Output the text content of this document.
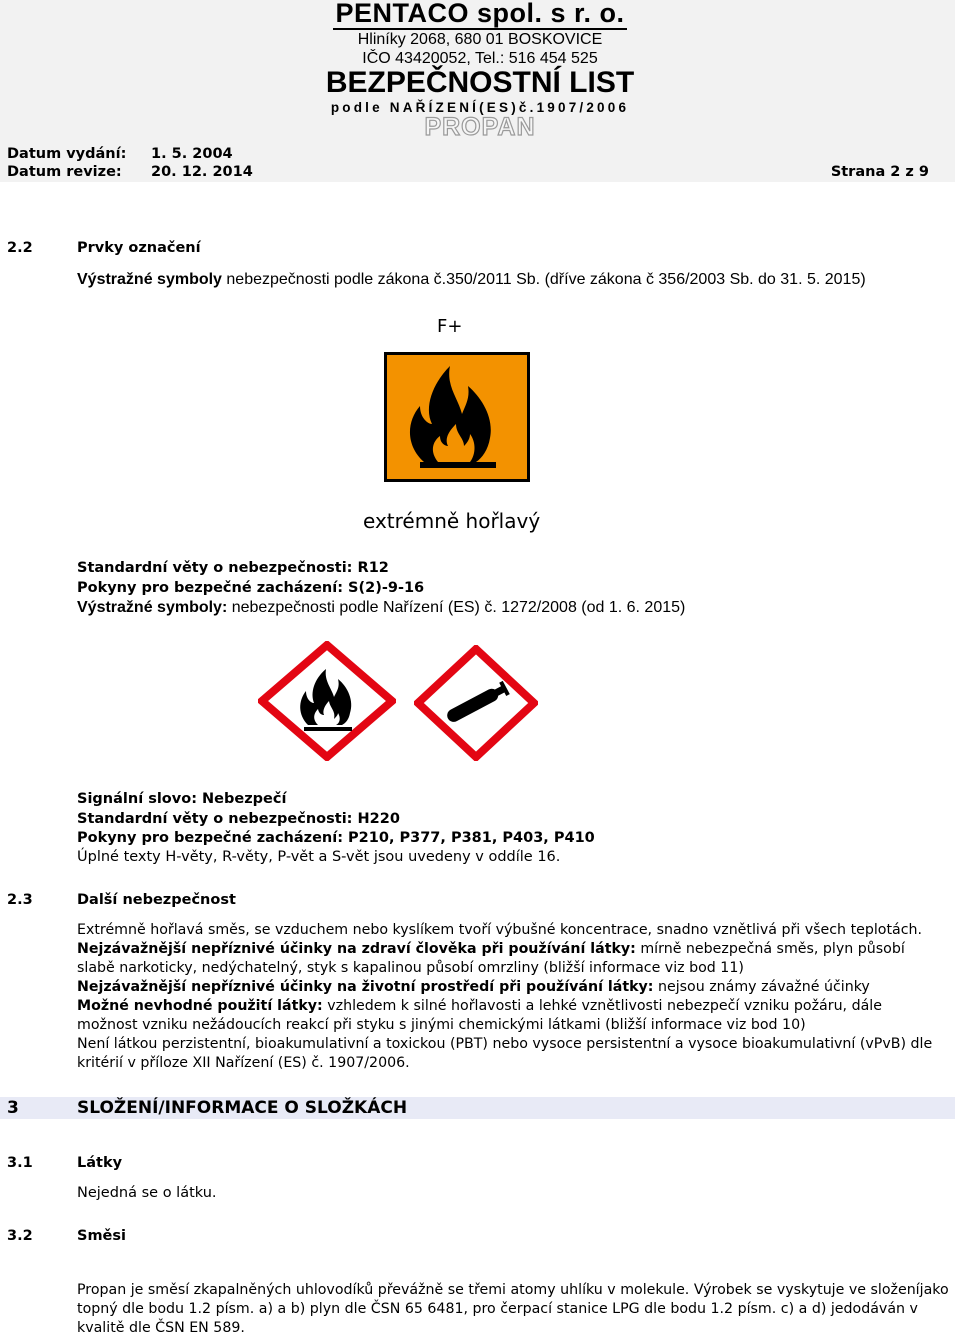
PENTACO spol. s r. o.
Hliníky 2068, 680 01 BOSKOVICE
IČO 43420052, Tel.: 516 454 525
BEZPEČNOSTNÍ LIST
podle NAŘÍZENÍ(ES)č.1907/2006
PROPAN
Datum vydání: 1. 5. 2004
Datum revize: 20. 12. 2014	Strana 2 z 9
2.2	Prvky označení
Výstražné symboly nebezpečnosti podle zákona č.350/2011 Sb. (dříve zákona č 356/2003 Sb. do 31. 5. 2015)
F+
extrémně hořlavý
Standardní věty o nebezpečnosti: R12
Pokyny pro bezpečné zacházení: S(2)-9-16
Výstražné symboly: nebezpečnosti podle Nařízení (ES) č. 1272/2008 (od 1. 6. 2015)
Signální slovo: Nebezpečí
Standardní věty o nebezpečnosti: H220
Pokyny pro bezpečné zacházení: P210, P377, P381, P403, P410
Úplné texty H-věty, R-věty, P-vět a S-vět jsou uvedeny v oddíle 16.
2.3	Další nebezpečnost
Extrémně hořlavá směs, se vzduchem nebo kyslíkem tvoří výbušné koncentrace, snadno vznětlivá při všech teplotách.
Nejzávažnější nepříznivé účinky na zdraví člověka při používání látky: mírně nebezpečná směs, plyn působí
slabě narkoticky, nedýchatelný, styk s kapalinou působí omrzliny (bližší informace viz bod 11)
Nejzávažnější nepříznivé účinky na životní prostředí při používání látky: nejsou známy závažné účinky
Možné nevhodné použití látky: vzhledem k silné hořlavosti a lehké vznětlivosti nebezpečí vzniku požáru, dále
možnost vzniku nežádoucích reakcí při styku s jinými chemickými látkami (bližší informace viz bod 10)
Není látkou perzistentní, bioakumulativní a toxickou (PBT) nebo vysoce persistentní a vysoce bioakumulativní (vPvB) dle
kritérií v příloze XII Nařízení (ES) č. 1907/2006.
3	SLOŽENÍ/INFORMACE O SLOŽKÁCH
3.1	Látky
Nejedná se o látku.
3.2	Směsi
Propan je směsí zkapalněných uhlovodíků převážně se třemi atomy uhlíku v molekule. Výrobek se vyskytuje ve složeníjako
topný dle bodu 1.2 písm. a) a b) plyn dle ČSN 65 6481, pro čerpací stanice LPG dle bodu 1.2 písm. c) a d) jedodáván v
kvalitě dle ČSN EN 589.
